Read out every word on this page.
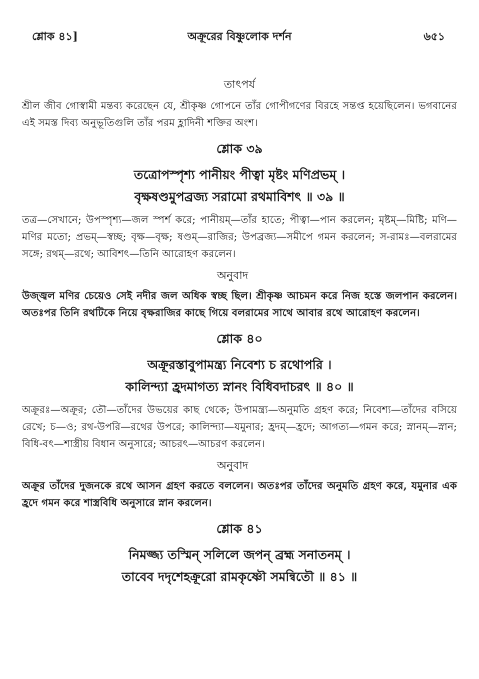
শ্লোক ৪১]	অক্রূরের বিষ্ণুলোক দর্শন	৬৫১

তাৎপর্য

শ্রীল জীব গোস্বামী মন্তব্য করেছেন যে, শ্রীকৃষ্ণ গোপনে তাঁর গোপীগণের বিরহে সন্তপ্ত হয়েছিলেন। ভগবানের এই সমস্ত দিব্য অনুভূতিগুলি তাঁর পরম হ্লাদিনী শক্তির অংশ।

শ্লোক ৩৯

তত্রোপস্পৃশ্য পানীয়ং পীত্বা মৃষ্টং মণিপ্রভম্ ।

বৃক্ষষণ্ডমুপব্রজ্য সরামো রথমাবিশৎ ॥ ৩৯ ॥

তত্র—সেখানে; উপস্পৃশ্য—জল স্পর্শ করে; পানীয়ম্—তাঁর হাতে; পীত্বা—পান করলেন; মৃষ্টম্—মিষ্টি; মণি—মণির মতো; প্রভম্—স্বচ্ছ; বৃক্ষ—বৃক্ষ; ষণ্ডম্—রাজির; উপব্রজ্য—সমীপে গমন করলেন; স-রামঃ—বলরামের সঙ্গে; রথম্—রথে; আবিশৎ—তিনি আরোহণ করলেন।

অনুবাদ

উজ্জ্বল মণির চেয়েও সেই নদীর জল অধিক স্বচ্ছ ছিল। শ্রীকৃষ্ণ আচমন করে নিজ হস্তে জলপান করলেন। অতঃপর তিনি রথটিকে নিয়ে বৃক্ষরাজির কাছে গিয়ে বলরামের সাথে আবার রথে আরোহণ করলেন।

শ্লোক ৪০

অক্রূরস্তাবুপামন্ত্র্য নিবেশ্য চ রথোপরি ।

কালিন্দ্যা হ্রদমাগত্য স্নানং বিধিবদাচরৎ ॥ ৪০ ॥

অক্রূরঃ—অক্রূর; তৌ—তাঁদের উভয়ের কাছ থেকে; উপামন্ত্র্য—অনুমতি গ্রহণ করে; নিবেশ্য—তাঁদের বসিয়ে রেখে; চ—ও; রথ-উপরি—রথের উপরে; কালিন্দ্যা—যমুনার; হ্রদম্—হ্রদে; আগত্য—গমন করে; স্নানম্—স্নান; বিধি-বৎ—শাস্ত্রীয় বিধান অনুসারে; আচরৎ—আচরণ করলেন।

অনুবাদ

অক্রূর তাঁদের দুজনকে রথে আসন গ্রহণ করতে বললেন। অতঃপর তাঁদের অনুমতি গ্রহণ করে, যমুনার এক হ্রদে গমন করে শাস্ত্রবিধি অনুসারে স্নান করলেন।

শ্লোক ৪১

নিমজ্জ্য তস্মিন্ সলিলে জপন্ ব্রহ্ম সনাতনম্ ।

তাবেব দদৃশেহক্রূরো রামকৃষ্ণৌ সমন্বিতৌ ॥ ৪১ ॥
